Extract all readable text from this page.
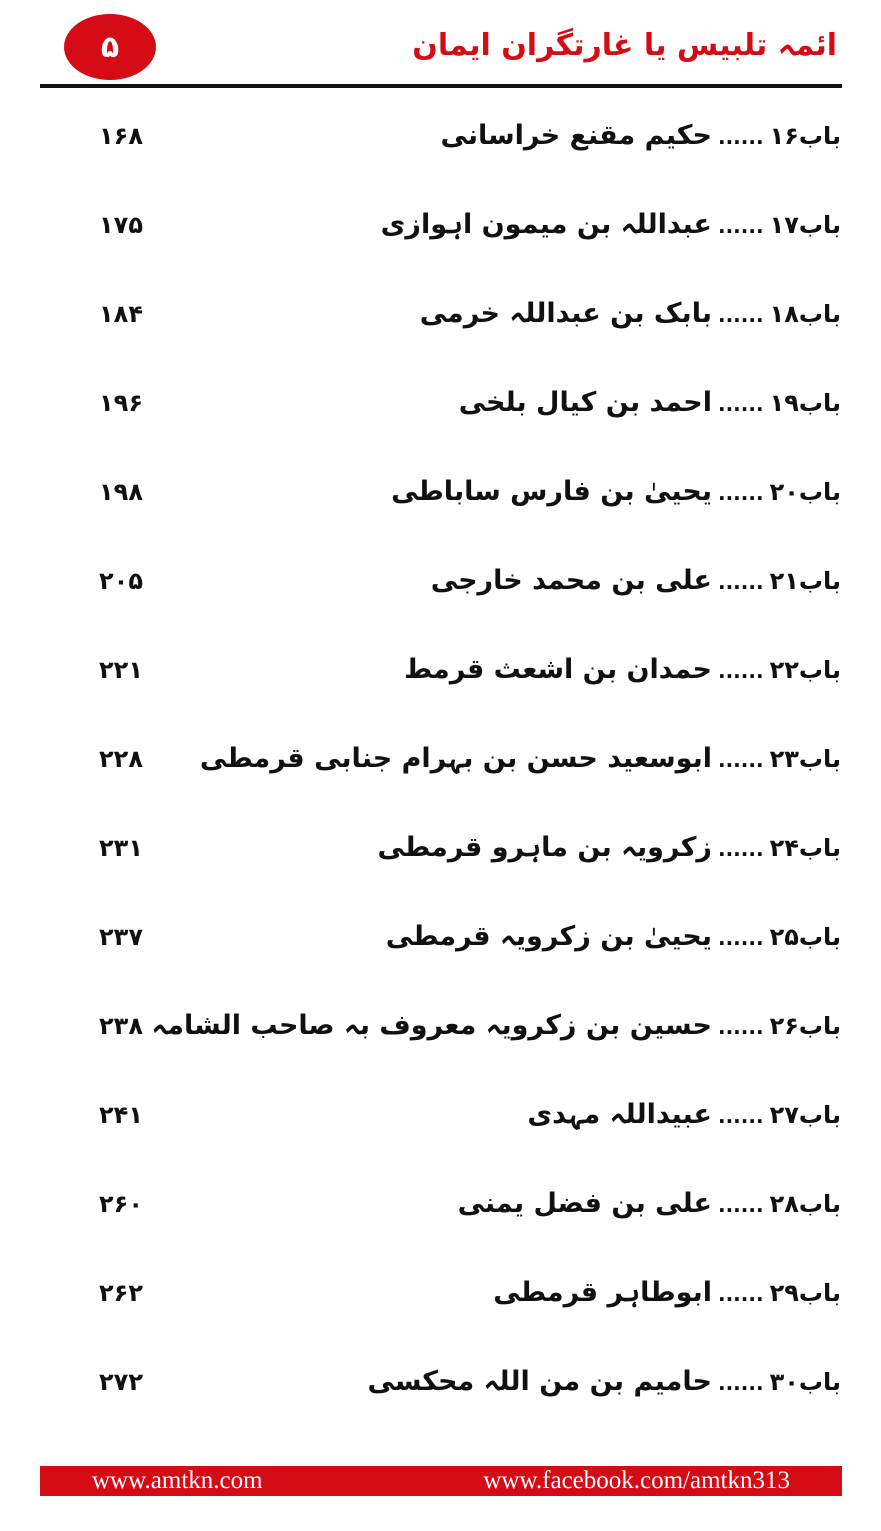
۵	ائمہ تلبیس یا غارتگران ایمان
باب۱۶......حکیم مقنع خراسانی
۱۶۸
باب۱۷......عبداللہ بن میمون اہوازی
۱۷۵
باب۱۸......بابک بن عبداللہ خرمی
۱۸۴
باب۱۹......احمد بن کیال بلخی
۱۹۶
باب۲۰......یحییٰ بن فارس ساباطی
۱۹۸
باب۲۱......علی بن محمد خارجی
۲۰۵
باب۲۲......حمدان بن اشعث قرمط
۲۲۱
باب۲۳......ابوسعید حسن بن بہرام جنابی قرمطی
۲۲۸
باب۲۴......زکرویہ بن ماہرو قرمطی
۲۳۱
باب۲۵......یحییٰ بن زکرویہ قرمطی
۲۳۷
باب۲۶......حسین بن زکرویہ معروف بہ صاحب الشامہ
۲۳۸
باب۲۷......عبیداللہ مہدی
۲۴۱
باب۲۸......علی بن فضل یمنی
۲۶۰
باب۲۹......ابوطاہر قرمطی
۲۶۲
باب۳۰......حامیم بن من اللہ محکسی
۲۷۲
www.amtkn.com	www.facebook.com/amtkn313
